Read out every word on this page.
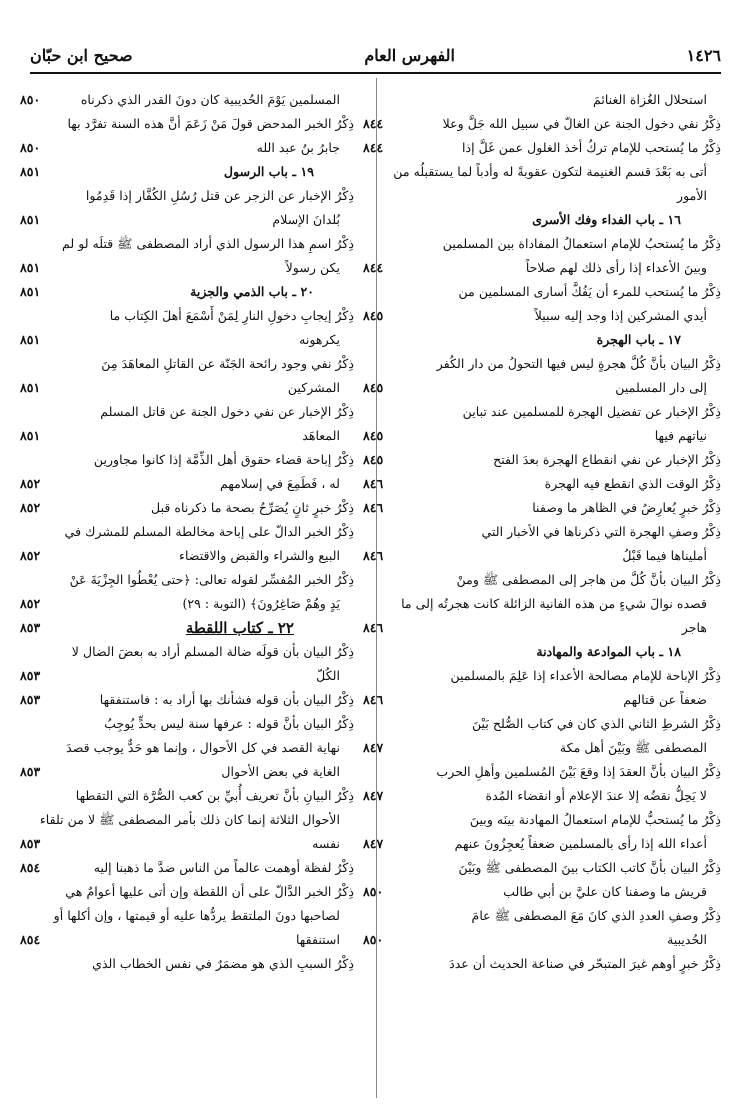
١٤٢٦
الفهرس العام
صحيح ابن حبّان
استحلال الغُزاة الغنائمَ
ذِكْرُ نفي دخول الجنة عن الغالّ في سبيل الله جَلَّ وعلا
٨٤٤
ذِكْرُ ما يُستحب للإمام تركُ أخذ الغلول عمن غَلَّ إذا
٨٤٤
أتى به بَعْدَ قسم الغنيمة لتكون عقوبةً له وأدباً لما يستقبلُه من
الأمور
١٦ ـ باب الفداء وفك الأسرى
ذِكْرُ ما يُستحبُ للإمام استعمالُ المفاداة بين المسلمين
وبينَ الأعداء إذا رأى ذلك لهم صلاحاً
٨٤٤
ذِكْرُ ما يُستحب للمرء أن يَفُكَّ أسارى المسلمين من
أيدي المشركين إذا وجد إليه سبيلاً
٨٤٥
١٧ ـ باب الهجرة
ذِكْرُ البيان بأنَّ كُلَّ هجرةٍ ليس فيها التحولُ من دار الكُفر
إلى دار المسلمين
٨٤٥
ذِكْرُ الإخبار عن تفضيل الهجرة للمسلمين عند تباين
نياتهم فيها
٨٤٥
ذِكْرُ الإخبار عن نفي انقطاع الهجرة بعدَ الفتح
٨٤٥
ذِكْرُ الوقت الذي انقطع فيه الهجرة
٨٤٦
ذِكْرُ خبرٍ يُعارِضُ في الظاهر ما وصفنا
٨٤٦
ذِكْرُ وصفِ الهجرة التي ذكرناها في الأخبار التي
أمليناها فيما قَبْلُ
٨٤٦
ذِكْرُ البيان بأنَّ كُلَّ من هاجر إلى المصطفى ﷺ ومنْ
قصده نوالَ شيءٍ من هذه الفانية الزائلة كانت هجرتُه إلى ما
هاجر
٨٤٦
١٨ ـ باب الموادعة والمهادنة
ذِكْرُ الإباحة للإمام مصالحة الأعداء إذا عَلِمَ بالمسلمين
ضعفاً عن قتالهم
٨٤٦
ذِكْرُ الشرطِ الثاني الذي كان في كتاب الصُّلح بَيْنَ
المصطفى ﷺ وبَيْنَ أهل مكة
٨٤٧
ذِكْرُ البيان بأنَّ العقدَ إذا وقعَ بَيْنَ المُسلمين وأهلِ الحرب
لا يَحِلُّ نقضُه إلا عندَ الإعلام أو انقضاء المُدة
٨٤٧
ذِكْرُ ما يُستحبُّ للإمام استعمالُ المهادنة بينَه وبينَ
أعداء الله إذا رأى بالمسلمين ضعفاً يُعجِزُونَ عنهم
٨٤٧
ذِكْرُ البيان بأنَّ كاتب الكتاب بينَ المصطفى ﷺ وبَيْنَ
قريش ما وصفنا كان عليَّ بن أبي طالب
٨٥٠
ذِكْرُ وصفِ العددِ الذي كانَ مَعَ المصطفى ﷺ عامَ
الحُديبية
٨٥٠
ذِكْرُ خبرٍ أوهم غيرَ المتبحّر في صناعة الحديث أن عددَ
المسلمين يَوْمَ الحُديبية كان دونَ القدر الذي ذكرناه
٨٥٠
ذِكْرُ الخبر المدحض قولَ مَنْ زَعَمَ أنَّ هذه السنة تفرَّد بها
جابرُ بنُ عبد الله
٨٥٠
١٩ ـ باب الرسول
٨٥١
ذِكْرُ الإخبار عن الزجر عن قتل رُسُلِ الكُفَّار إذا قَدِمُوا
بُلدانَ الإسلام
٨٥١
ذِكْرُ اسمِ هذا الرسول الذي أراد المصطفى ﷺ قتلَه لو لم
يكن رسولاً
٨٥١
٢٠ ـ باب الذمي والجزية
٨٥١
ذِكْرُ إيجابِ دخولِ النارِ لِمَنْ أَسْمَعَ أهلَ الكِتاب ما
يكرهونه
٨٥١
ذِكْرُ نفي وجود رائحة الجَنّة عن القاتلِ المعاهَدَ مِنَ
المشركين
٨٥١
ذِكْرُ الإخبار عن نفي دخول الجنة عن قاتل المسلم
المعاهَد
٨٥١
ذِكْرُ إباحة قضاء حقوق أهل الذِّمَّة إذا كانوا مجاورين
له ، فَطَمِعَ في إسلامهم
٨٥٢
ذِكْرُ خبرٍ ثانٍ يُصَرِّحُ بصحة ما ذكرناه قبل
٨٥٢
ذِكْرُ الخبر الدالّ على إباحة مخالطة المسلم للمشرك في
البيع والشراء والقبض والاقتضاء
٨٥٢
ذِكْرُ الخبر المُفسِّر لقوله تعالى: ﴿حتى يُعْطُوا الجِزْيَةَ عَنْ
يَدٍ وهُمْ صَاغِرُونَ﴾ (التوبة : ٢٩)
٨٥٢
٢٢ ـ كتاب اللقطة
٨٥٣
ذِكْرُ البيان بأن قولَه ضالة المسلم أراد به بعضَ الضال لا
الكُلّ
٨٥٣
ذِكْرُ البيان بأن قوله فشأنك بها أراد به : فاستنفقها
٨٥٣
ذِكْرُ البيان بأنَّ قوله : عرفها سنة ليس بحدٍّ يُوجِبُ
نهاية القصد في كل الأحوال ، وإنما هو حَدٌّ يوجب قصدَ
الغاية في بعض الأحوال
٨٥٣
ذِكْرُ البيانِ بأنَّ تعريف أُبيِّ بن كعب الصُّرَّة التي التقطها
الأحوال الثلاثة إنما كان ذلك بأمر المصطفى ﷺ لا من تلقاء
نفسه
٨٥٣
ذِكْرُ لفظة أوهمت عالماً من الناس ضدَّ ما ذهبنا إليه
٨٥٤
ذِكْرُ الخبر الدَّالّ على أن اللقطة وإن أتى عليها أعوامٌ هي
لصاحبها دونَ الملتقط يردُّها عليه أو قيمتها ، وإن أكلها أو
استنفقها
٨٥٤
ذِكْرُ السببِ الذي هو مضمَرٌ في نفس الخطاب الذي
